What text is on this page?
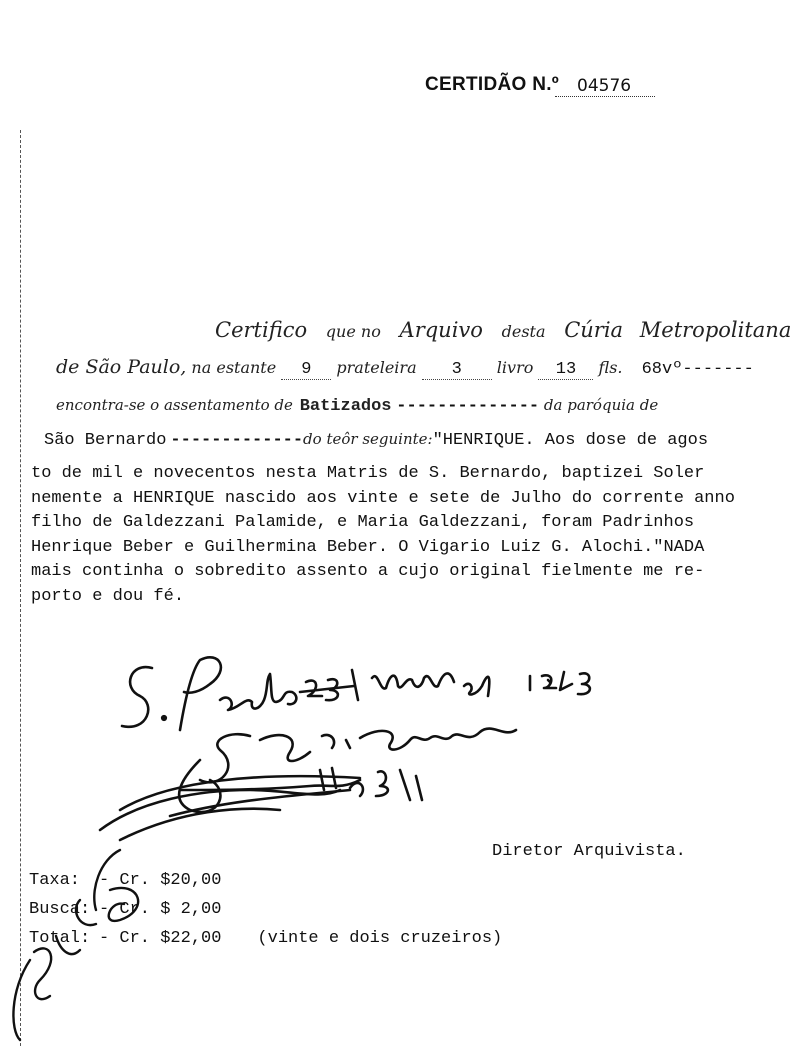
CERTIDÃO N.º	04576
Certifico que no Arquivo desta Cúria Metropolitana
de São Paulo, na estante 9 prateleira 3 livro 13 fls. 68vº-------
encontra-se o assentamento de Batizados -------------- da paróquia de
São Bernardo -------------do teôr seguinte:"HENRIQUE. Aos dose de agos
to de mil e novecentos nesta Matris de S. Bernardo, baptizei Soler
nemente a HENRIQUE nascido aos vinte e sete de Julho do corrente anno
filho de Galdezzani Palamide, e Maria Galdezzani, foram Padrinhos
Henrique Beber e Guilhermina Beber. O Vigario Luiz G. Alochi."NADA
mais continha o sobredito assento a cujo original fielmente me re-
porto e dou fé.
Diretor Arquivista.
Taxa: - Cr. $20,00
Busca: - Cr. $ 2,00
Total: - Cr. $22,00 (vinte e dois cruzeiros)
